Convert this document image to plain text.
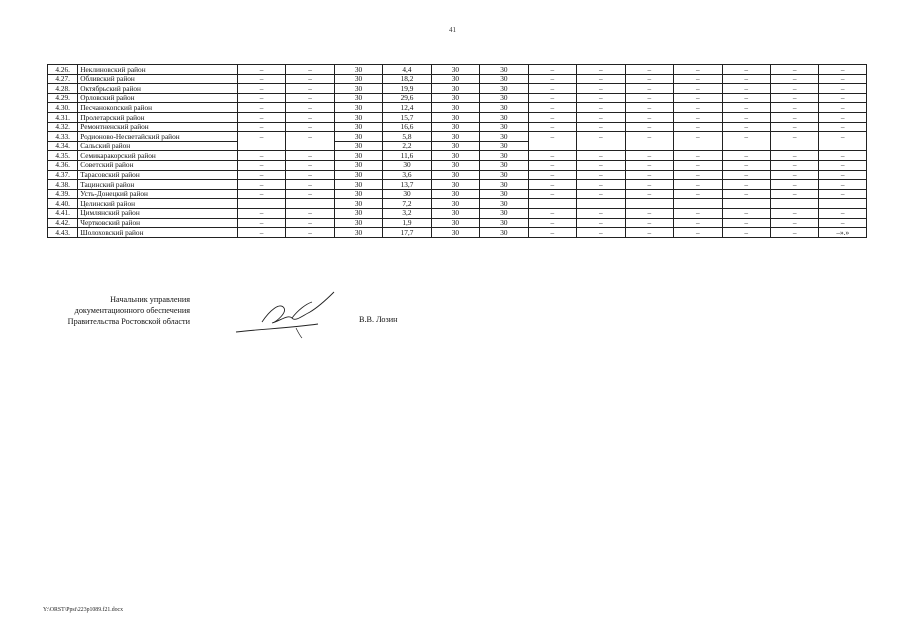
41
4.26.	Неклиновский район	–	–	30	4,4	30	30	–	–	–	–	–	–	–
4.27.	Обливский район	–	–	30	18,2	30	30	–	–	–	–	–	–	–
4.28.	Октябрьский район	–	–	30	19,9	30	30	–	–	–	–	–	–	–
4.29.	Орловский район	–	–	30	29,6	30	30	–	–	–	–	–	–	–
4.30.	Песчанокопский район	–	–	30	12,4	30	30	–	–	–	–	–	–	–
4.31.	Пролетарский район	–	–	30	15,7	30	30	–	–	–	–	–	–	–
4.32.	Ремонтненский район	–	–	30	16,6	30	30	–	–	–	–	–	–	–
4.33.	Родионово-Несветайский район	–	–	30	5,8	30	30	–	–	–	–	–	–	–
4.34.	Сальский район			30	2,2	30	30							
4.35.	Семикаракорский район	–	–	30	11,6	30	30	–	–	–	–	–	–	–
4.36.	Советский район	–	–	30	30	30	30	–	–	–	–	–	–	–
4.37.	Тарасовский район	–	–	30	3,6	30	30	–	–	–	–	–	–	–
4.38.	Тацинский район	–	–	30	13,7	30	30	–	–	–	–	–	–	–
4.39.	Усть-Донецкий район	–	–	30	30	30	30	–	–	–	–	–	–	–
4.40.	Целинский район			30	7,2	30	30							
4.41.	Цимлянский район	–	–	30	3,2	30	30	–	–	–	–	–	–	–
4.42.	Чертковский район	–	–	30	1,9	30	30	–	–	–	–	–	–	–
4.43.	Шолоховский район	–	–	30	17,7	30	30	–	–	–	–	–	–	–».»
Начальник управления
документационного обеспечения
Правительства Ростовской области	В.В. Лозин
Y:\ORST\Ppsi\223p1089.f21.docx
